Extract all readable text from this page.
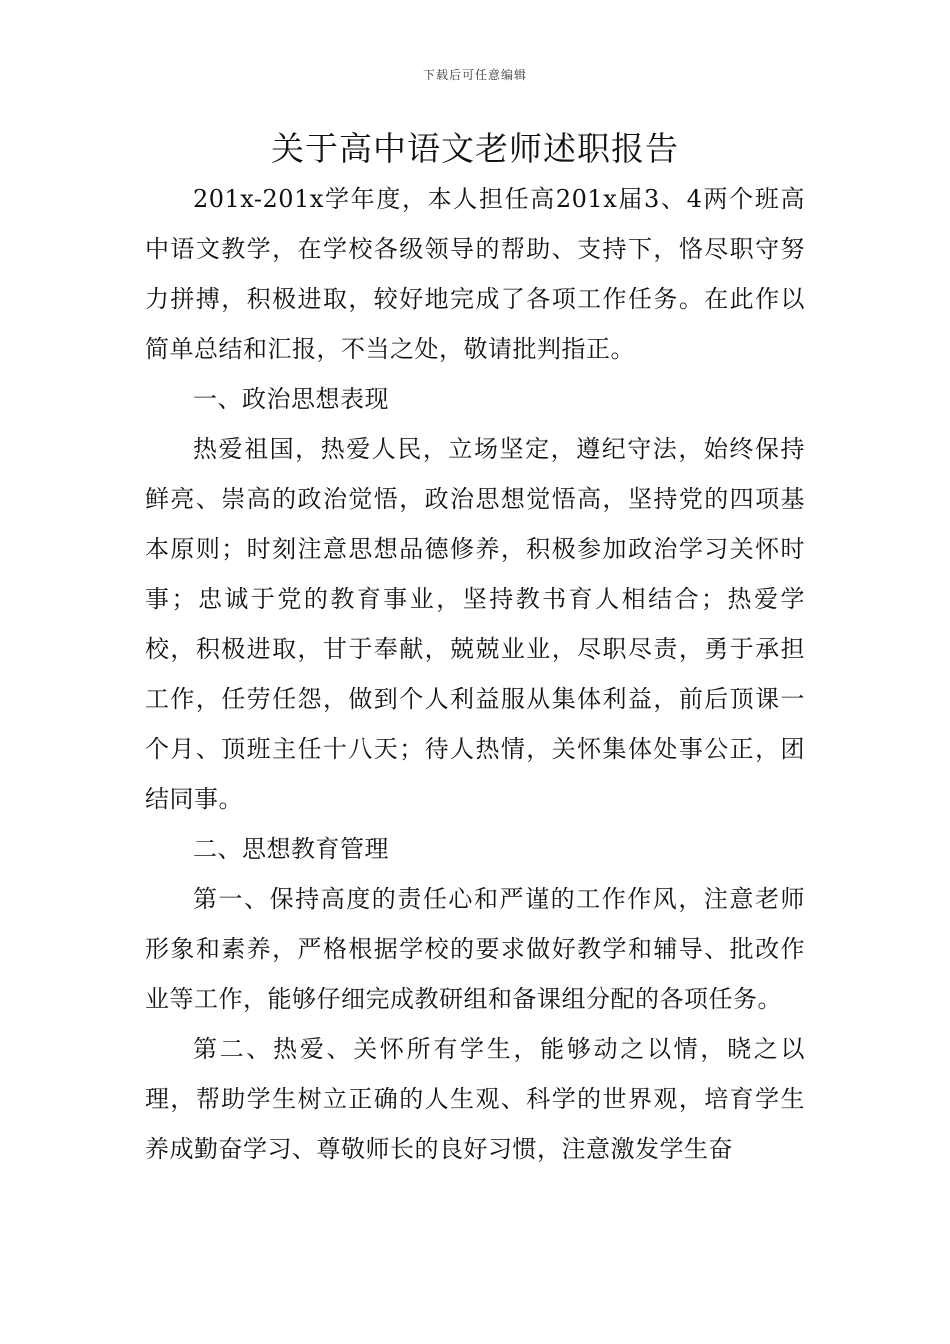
下载后可任意编辑
关于高中语文老师述职报告

201x-201x学年度，本人担任高201x届3、4两个班高中语文教学，在学校各级领导的帮助、支持下，恪尽职守努力拼搏，积极进取，较好地完成了各项工作任务。在此作以简单总结和汇报，不当之处，敬请批判指正。

一、政治思想表现

热爱祖国，热爱人民，立场坚定，遵纪守法，始终保持鲜亮、崇高的政治觉悟，政治思想觉悟高，坚持党的四项基本原则；时刻注意思想品德修养，积极参加政治学习关怀时事；忠诚于党的教育事业，坚持教书育人相结合；热爱学校，积极进取，甘于奉献，兢兢业业，尽职尽责，勇于承担工作，任劳任怨，做到个人利益服从集体利益，前后顶课一个月、顶班主任十八天；待人热情，关怀集体处事公正，团结同事。

二、思想教育管理

第一、保持高度的责任心和严谨的工作作风，注意老师形象和素养，严格根据学校的要求做好教学和辅导、批改作业等工作，能够仔细完成教研组和备课组分配的各项任务。

第二、热爱、关怀所有学生，能够动之以情，晓之以理，帮助学生树立正确的人生观、科学的世界观，培育学生养成勤奋学习、尊敬师长的良好习惯，注意激发学生奋
